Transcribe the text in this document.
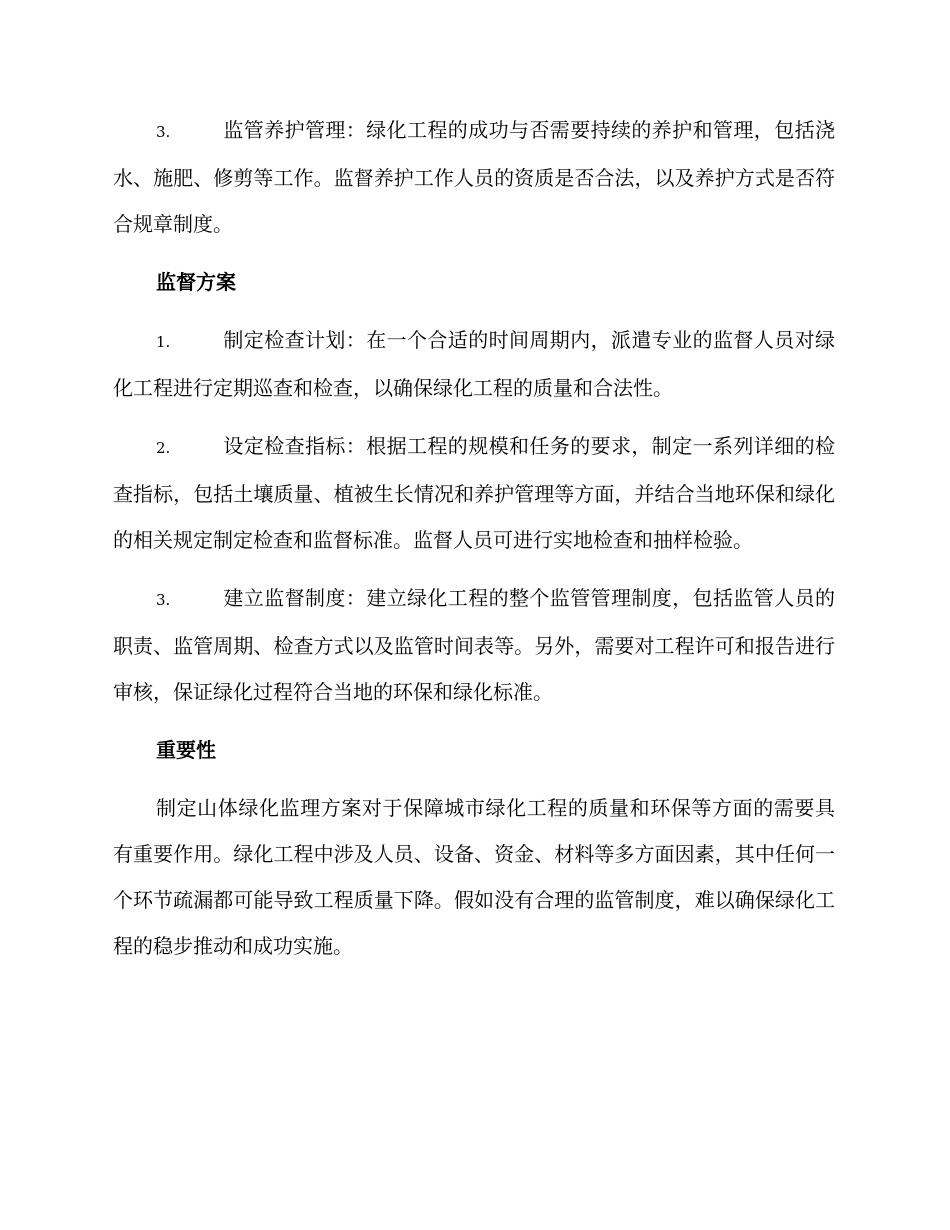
3.	监管养护管理：绿化工程的成功与否需要持续的养护和管理，包括浇水、施肥、修剪等工作。监督养护工作人员的资质是否合法，以及养护方式是否符合规章制度。

监督方案

1.	制定检查计划：在一个合适的时间周期内，派遣专业的监督人员对绿化工程进行定期巡查和检查，以确保绿化工程的质量和合法性。

2.	设定检查指标：根据工程的规模和任务的要求，制定一系列详细的检查指标，包括土壤质量、植被生长情况和养护管理等方面，并结合当地环保和绿化的相关规定制定检查和监督标准。监督人员可进行实地检查和抽样检验。

3.	建立监督制度：建立绿化工程的整个监管管理制度，包括监管人员的职责、监管周期、检查方式以及监管时间表等。另外，需要对工程许可和报告进行审核，保证绿化过程符合当地的环保和绿化标准。

重要性

制定山体绿化监理方案对于保障城市绿化工程的质量和环保等方面的需要具有重要作用。绿化工程中涉及人员、设备、资金、材料等多方面因素，其中任何一个环节疏漏都可能导致工程质量下降。假如没有合理的监管制度，难以确保绿化工程的稳步推动和成功实施。
